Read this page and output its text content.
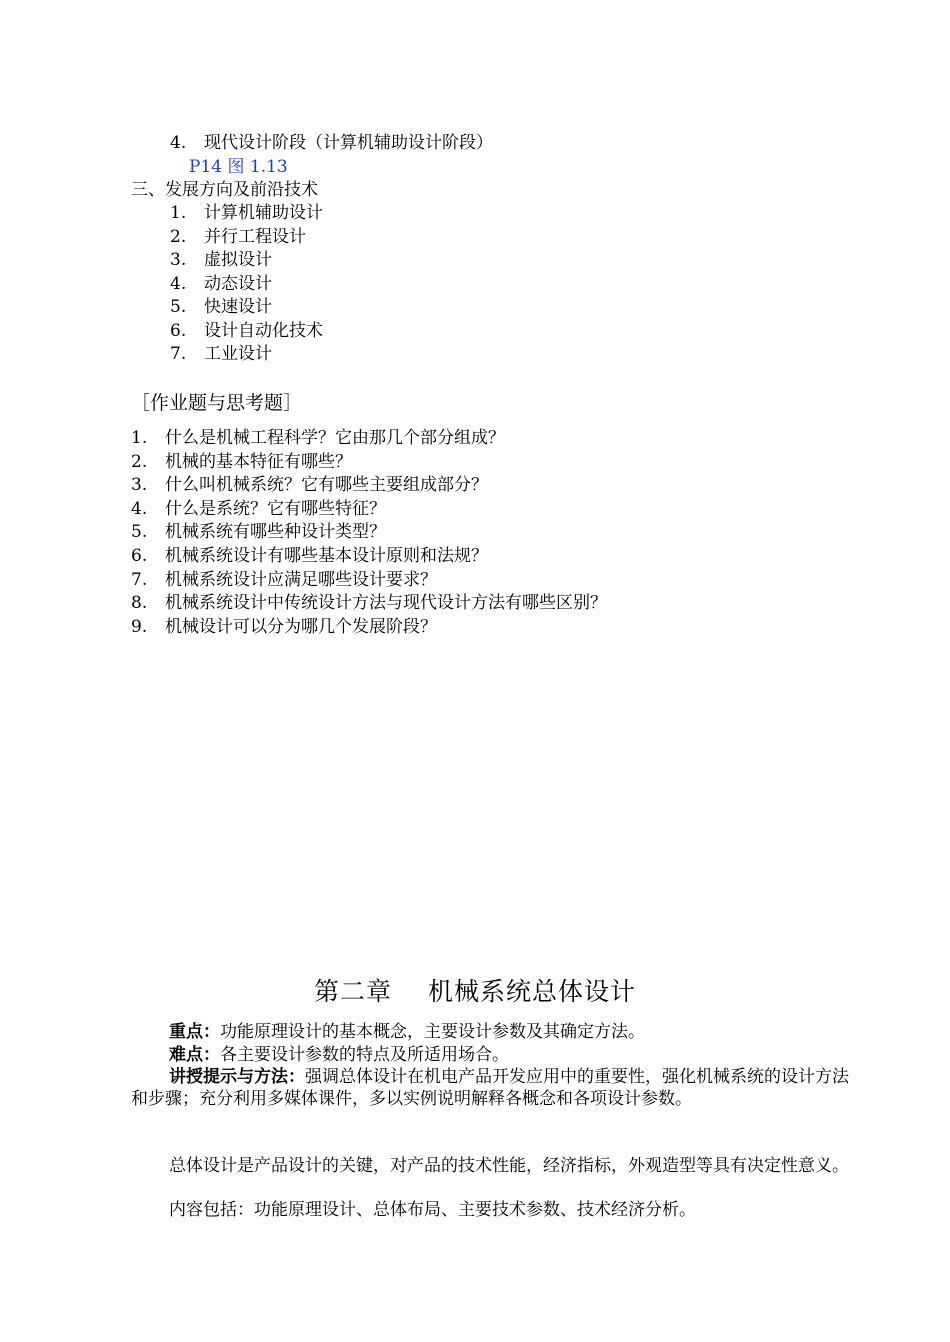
4. 现代设计阶段（计算机辅助设计阶段）
P14 图 1.13
三、发展方向及前沿技术
1. 计算机辅助设计
2. 并行工程设计
3. 虚拟设计
4. 动态设计
5. 快速设计
6. 设计自动化技术
7. 工业设计
［作业题与思考题］
1. 什么是机械工程科学？它由那几个部分组成？
2. 机械的基本特征有哪些？
3. 什么叫机械系统？它有哪些主要组成部分？
4. 什么是系统？它有哪些特征？
5. 机械系统有哪些种设计类型？
6. 机械系统设计有哪些基本设计原则和法规？
7. 机械系统设计应满足哪些设计要求？
8. 机械系统设计中传统设计方法与现代设计方法有哪些区别？
9. 机械设计可以分为哪几个发展阶段？
第二章 机械系统总体设计
重点：功能原理设计的基本概念，主要设计参数及其确定方法。
难点：各主要设计参数的特点及所适用场合。
讲授提示与方法：强调总体设计在机电产品开发应用中的重要性，强化机械系统的设计方法和步骤；充分利用多媒体课件，多以实例说明解释各概念和各项设计参数。
总体设计是产品设计的关键，对产品的技术性能，经济指标，外观造型等具有决定性意义。
内容包括：功能原理设计、总体布局、主要技术参数、技术经济分析。
